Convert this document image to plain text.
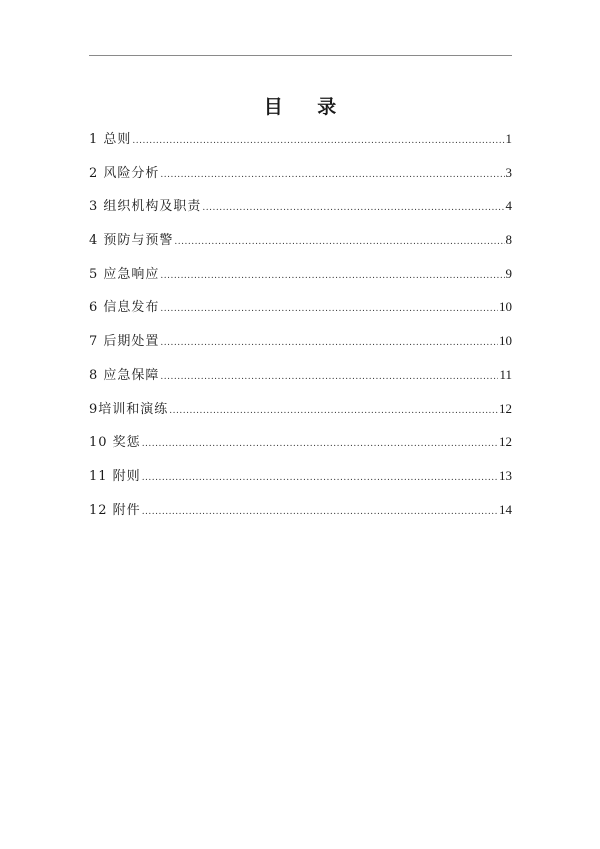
目 录
1 总则 .....	1
2 风险分析 .....	3
3 组织机构及职责 .....	4
4 预防与预警 .....	8
5 应急响应 .....	9
6 信息发布 .....	10
7 后期处置 .....	10
8 应急保障 .....	11
9培训和演练 .....	12
10 奖惩 .....	12
11 附则 .....	13
12 附件 .....	14
